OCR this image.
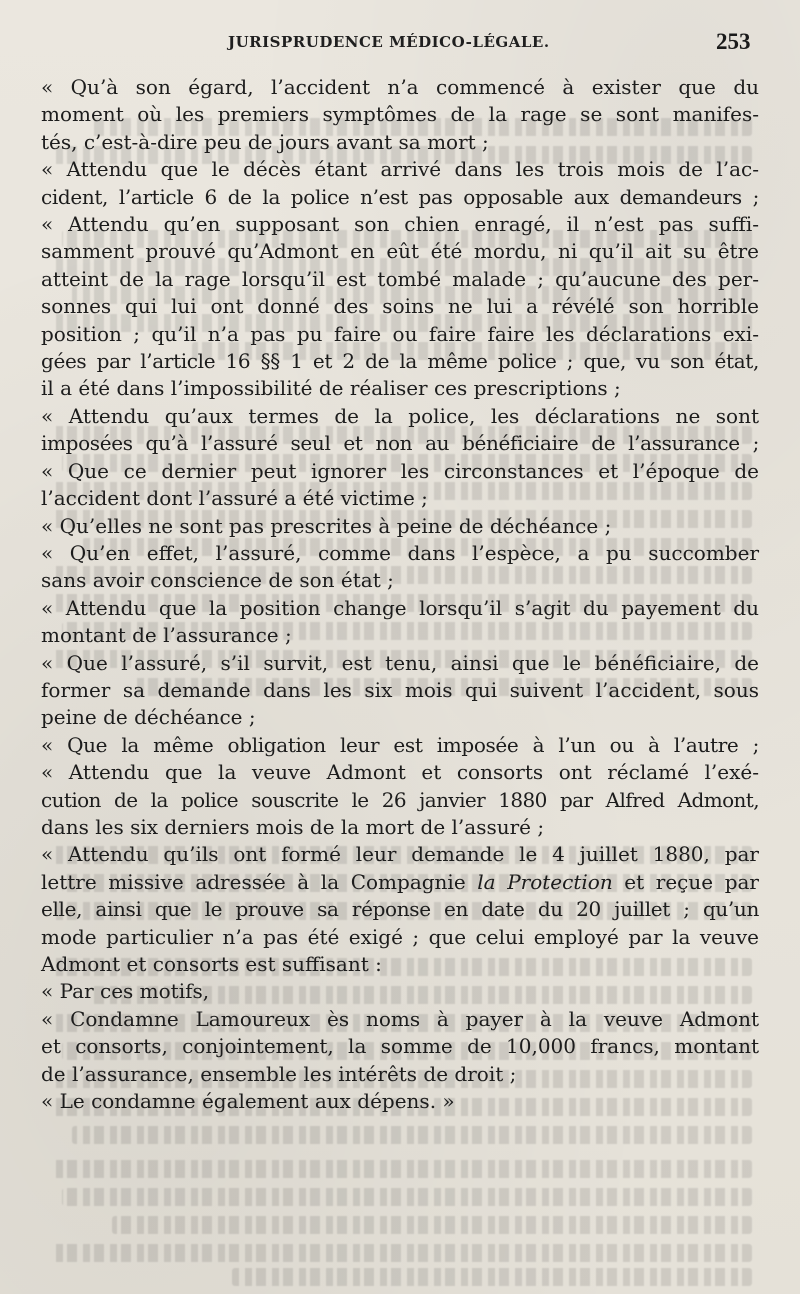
JURISPRUDENCE MÉDICO-LÉGALE.	253
« Qu’à son égard, l’accident n’a commencé à exister que du
moment où les premiers symptômes de la rage se sont manifes-
tés, c’est-à-dire peu de jours avant sa mort ;
« Attendu que le décès étant arrivé dans les trois mois de l’ac-
cident, l’article 6 de la police n’est pas opposable aux demandeurs ;
« Attendu qu’en supposant son chien enragé, il n’est pas suffi-
samment prouvé qu’Admont en eût été mordu, ni qu’il ait su être
atteint de la rage lorsqu’il est tombé malade ; qu’aucune des per-
sonnes qui lui ont donné des soins ne lui a révélé son horrible
position ; qu’il n’a pas pu faire ou faire faire les déclarations exi-
gées par l’article 16 §§ 1 et 2 de la même police ; que, vu son état,
il a été dans l’impossibilité de réaliser ces prescriptions ;
« Attendu qu’aux termes de la police, les déclarations ne sont
imposées qu’à l’assuré seul et non au bénéficiaire de l’assurance ;
« Que ce dernier peut ignorer les circonstances et l’époque de
l’accident dont l’assuré a été victime ;
« Qu’elles ne sont pas prescrites à peine de déchéance ;
« Qu’en effet, l’assuré, comme dans l’espèce, a pu succomber
sans avoir conscience de son état ;
« Attendu que la position change lorsqu’il s’agit du payement du
montant de l’assurance ;
« Que l’assuré, s’il survit, est tenu, ainsi que le bénéficiaire, de
former sa demande dans les six mois qui suivent l’accident, sous
peine de déchéance ;
« Que la même obligation leur est imposée à l’un ou à l’autre ;
« Attendu que la veuve Admont et consorts ont réclamé l’exé-
cution de la police souscrite le 26 janvier 1880 par Alfred Admont,
dans les six derniers mois de la mort de l’assuré ;
« Attendu qu’ils ont formé leur demande le 4 juillet 1880, par
lettre missive adressée à la Compagnie la Protection et reçue par
elle, ainsi que le prouve sa réponse en date du 20 juillet ; qu’un
mode particulier n’a pas été exigé ; que celui employé par la veuve
Admont et consorts est suffisant :
« Par ces motifs,
« Condamne Lamoureux ès noms à payer à la veuve Admont
et consorts, conjointement, la somme de 10,000 francs, montant
de l’assurance, ensemble les intérêts de droit ;
« Le condamne également aux dépens. »
